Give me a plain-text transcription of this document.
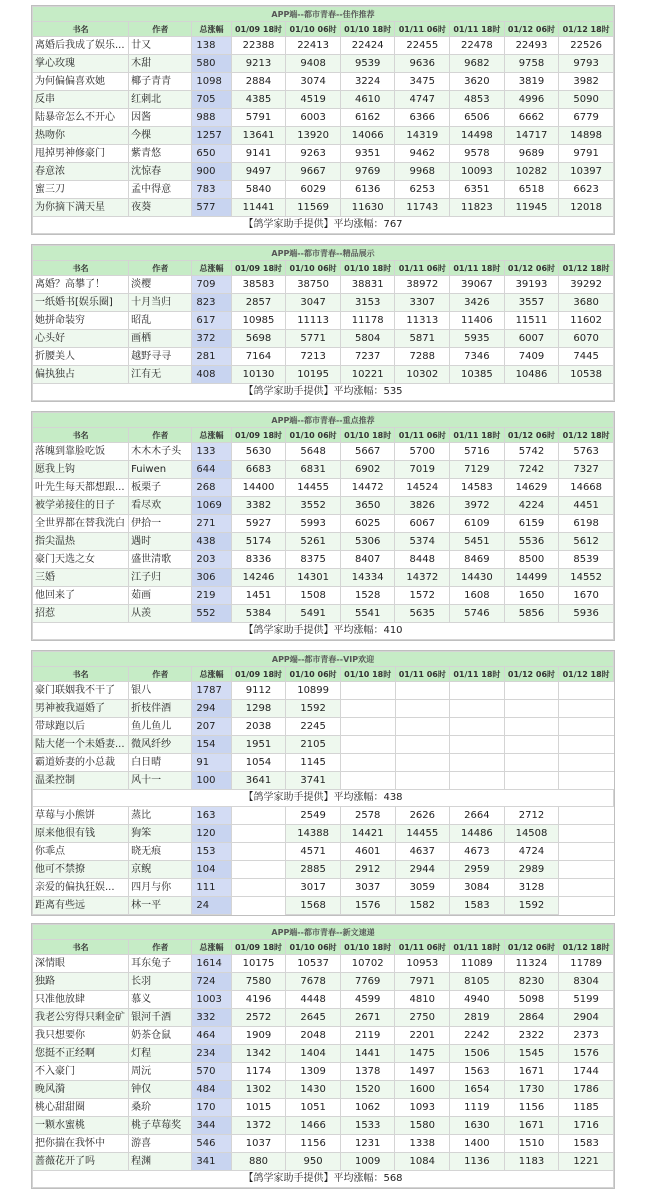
APP端--都市青春--佳作推荐									
书名	作者	总涨幅	01/09 18时	01/10 06时	01/10 18时	01/11 06时	01/11 18时	01/12 06时	01/12 18时
离婚后我成了娱乐...	廿又	138	22388	22413	22424	22455	22478	22493	22526
掌心玫瑰	木甜	580	9213	9408	9539	9636	9682	9758	9793
为何偏偏喜欢她	椰子青青	1098	2884	3074	3224	3475	3620	3819	3982
反串	红刺北	705	4385	4519	4610	4747	4853	4996	5090
陆暴帝怎么不开心	因酱	988	5791	6003	6162	6366	6506	6662	6779
热吻你	今棵	1257	13641	13920	14066	14319	14498	14717	14898
甩掉男神修豪门	紫青悠	650	9141	9263	9351	9462	9578	9689	9791
春意浓	沈惊春	900	9497	9667	9769	9968	10093	10282	10397
蜜三刀	孟中得意	783	5840	6029	6136	6253	6351	6518	6623
为你摘下满天星	夜葵	577	11441	11569	11630	11743	11823	11945	12018
【鸽学家助手提供】平均涨幅：767									
APP端--都市青春--精品展示									
书名	作者	总涨幅	01/09 18时	01/10 06时	01/10 18时	01/11 06时	01/11 18时	01/12 06时	01/12 18时
离婚？高攀了！	淡樱	709	38583	38750	38831	38972	39067	39193	39292
一纸婚书[娱乐圈]	十月当归	823	2857	3047	3153	3307	3426	3557	3680
她拼命装穷	昭乱	617	10985	11113	11178	11313	11406	11511	11602
心头好	画栖	372	5698	5771	5804	5871	5935	6007	6070
折腰美人	越野寻寻	281	7164	7213	7237	7288	7346	7409	7445
偏执独占	江有无	408	10130	10195	10221	10302	10385	10486	10538
【鸽学家助手提供】平均涨幅：535									
APP端--都市青春--重点推荐									
书名	作者	总涨幅	01/09 18时	01/10 06时	01/10 18时	01/11 06时	01/11 18时	01/12 06时	01/12 18时
落魄到靠脸吃饭	木木木子头	133	5630	5648	5667	5700	5716	5742	5763
愿我上钩	Fuiwen	644	6683	6831	6902	7019	7129	7242	7327
叶先生每天都想跟...	板栗子	268	14400	14455	14472	14524	14583	14629	14668
被学弟接住的日子	看尽欢	1069	3382	3552	3650	3826	3972	4224	4451
全世界都在替我洗白	伊拾一	271	5927	5993	6025	6067	6109	6159	6198
指尖温热	遇时	438	5174	5261	5306	5374	5451	5536	5612
豪门天选之女	盛世清歌	203	8336	8375	8407	8448	8469	8500	8539
三婚	江子归	306	14246	14301	14334	14372	14430	14499	14552
他回来了	茹画	219	1451	1508	1528	1572	1608	1650	1670
招惹	从羡	552	5384	5491	5541	5635	5746	5856	5936
【鸽学家助手提供】平均涨幅：410									
APP端--都市青春--VIP欢迎									
书名	作者	总涨幅	01/09 18时	01/10 06时	01/10 18时	01/11 06时	01/11 18时	01/12 06时	01/12 18时
豪门联姻我不干了	银八	1787	9112	10899					
男神被我逼婚了	折枝伴酒	294	1298	1592					
带球跑以后	鱼儿鱼儿	207	2038	2245					
陆大佬一个未婚妻...	微风纤纱	154	1951	2105					
霸道娇妻的小总裁	白日晴	91	1054	1145					
温柔控制	风十一	100	3641	3741					
【鸽学家助手提供】平均涨幅：438									
草莓与小熊饼	蒸比	163		2549	2578	2626	2664	2712	
原来他很有钱	狗笨	120		14388	14421	14455	14486	14508	
你乖点	晓无痕	153		4571	4601	4637	4673	4724	
他可不禁撩	京鲵	104		2885	2912	2944	2959	2989	
亲爱的偏执狂娱...	四月与你	111		3017	3037	3059	3084	3128	
距离有些远	林一平	24		1568	1576	1582	1583	1592	
APP端--都市青春--新文速递									
书名	作者	总涨幅	01/09 18时	01/10 06时	01/10 18时	01/11 06时	01/11 18时	01/12 06时	01/12 18时
深情眼	耳东兔子	1614	10175	10537	10702	10953	11089	11324	11789
独路	长羽	724	7580	7678	7769	7971	8105	8230	8304
只准他放肆	慕义	1003	4196	4448	4599	4810	4940	5098	5199
我老公穷得只剩金矿	银河千酒	332	2572	2645	2671	2750	2819	2864	2904
我只想要你	奶茶仓鼠	464	1909	2048	2119	2201	2242	2322	2373
您挺不正经啊	灯程	234	1342	1404	1441	1475	1506	1545	1576
不入豪门	周沅	570	1174	1309	1378	1497	1563	1671	1744
晚风漪	钟仅	484	1302	1430	1520	1600	1654	1730	1786
桃心甜甜圈	桑玠	170	1015	1051	1062	1093	1119	1156	1185
一颗水蜜桃	桃子草莓奖	344	1372	1466	1533	1580	1630	1671	1716
把你揣在我怀中	游喜	546	1037	1156	1231	1338	1400	1510	1583
蔷薇花开了吗	程渊	341	880	950	1009	1084	1136	1183	1221
【鸽学家助手提供】平均涨幅：568									
